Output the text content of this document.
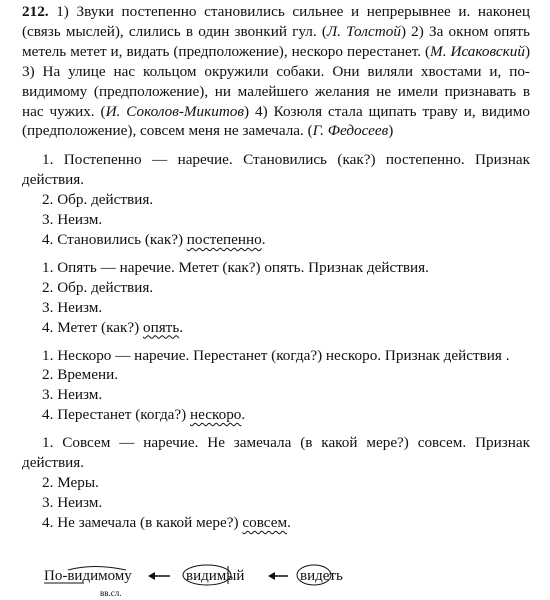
212. 1) Звуки постепенно становились сильнее и непрерывнее и. наконец (связь мыслей), слились в один звонкий гул. (Л. Толстой) 2) За окном опять метель метет и, видать (предположение), нескоро перестанет. (М. Исаковский) 3) На улице нас кольцом окружили собаки. Они виляли хвостами и, по-видимому (предположение), ни малейшего желания не имели признавать в нас чужих. (И. Соколов-Микитов) 4) Козюля стала щипать траву и, видимо (предположение), совсем меня не замечала. (Г. Федосеев)

1. Постепенно — наречие. Становились (как?) постепенно. Признак действия.

2. Обр. действия.

3. Неизм.

4. Становились (как?) постепенно.

1. Опять — наречие. Метет (как?) опять. Признак действия.

2. Обр. действия.

3. Неизм.

4. Метет (как?) опять.

1. Нескоро — наречие. Перестанет (когда?) нескоро. Признак действия .

2. Времени.

3. Неизм.

4. Перестанет (когда?) нескоро.

1. Совсем — наречие. Не замечала (в какой мере?) совсем. Признак действия.

2. Меры.

3. Неизм.

4. Не замечала (в какой мере?) совсем.

По-видимому
вв.сл.
видимый	видеть
